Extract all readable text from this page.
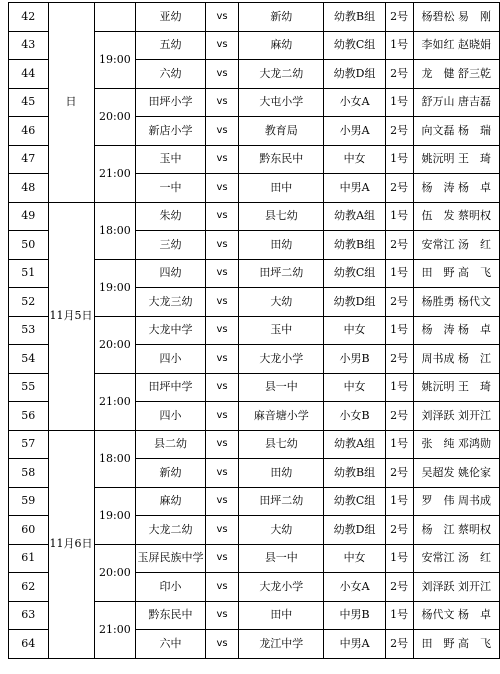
42	日		亚幼	vs	新幼	幼教B组	2号	杨碧松 易　刚
43		19:00	五幼	vs	麻幼	幼教C组	1号	李如红 赵晓娟
44			六幼	vs	大龙二幼	幼教D组	2号	龙　健 舒三乾
45		20:00	田坪小学	vs	大屯小学	小女A	1号	舒万山 唐吉磊
46			新店小学	vs	教育局	小男A	2号	向文磊 杨　瑞
47		21:00	玉中	vs	黔东民中	中女	1号	姚沅明 王　琦
48			一中	vs	田中	中男A	2号	杨　涛 杨　卓
49	11月5日	18:00	朱幼	vs	县七幼	幼教A组	1号	伍　发 蔡明权
50			三幼	vs	田幼	幼教B组	2号	安常江 汤　红
51		19:00	四幼	vs	田坪二幼	幼教C组	1号	田　野 高　飞
52			大龙三幼	vs	大幼	幼教D组	2号	杨胜勇 杨代文
53		20:00	大龙中学	vs	玉中	中女	1号	杨　涛 杨　卓
54			四小	vs	大龙小学	小男B	2号	周书成 杨　江
55		21:00	田坪中学	vs	县一中	中女	1号	姚沅明 王　琦
56			四小	vs	麻音塘小学	小女B	2号	刘泽跃 刘开江
57	11月6日	18:00	县二幼	vs	县七幼	幼教A组	1号	张　纯 邓鸿勋
58			新幼	vs	田幼	幼教B组	2号	吴超发 姚伦家
59		19:00	麻幼	vs	田坪二幼	幼教C组	1号	罗　伟 周书成
60			大龙二幼	vs	大幼	幼教D组	2号	杨　江 蔡明权
61		20:00	玉屏民族中学	vs	县一中	中女	1号	安常江 汤　红
62			印小	vs	大龙小学	小女A	2号	刘泽跃 刘开江
63		21:00	黔东民中	vs	田中	中男B	1号	杨代文 杨　卓
64			六中	vs	龙江中学	中男A	2号	田　野 高　飞
